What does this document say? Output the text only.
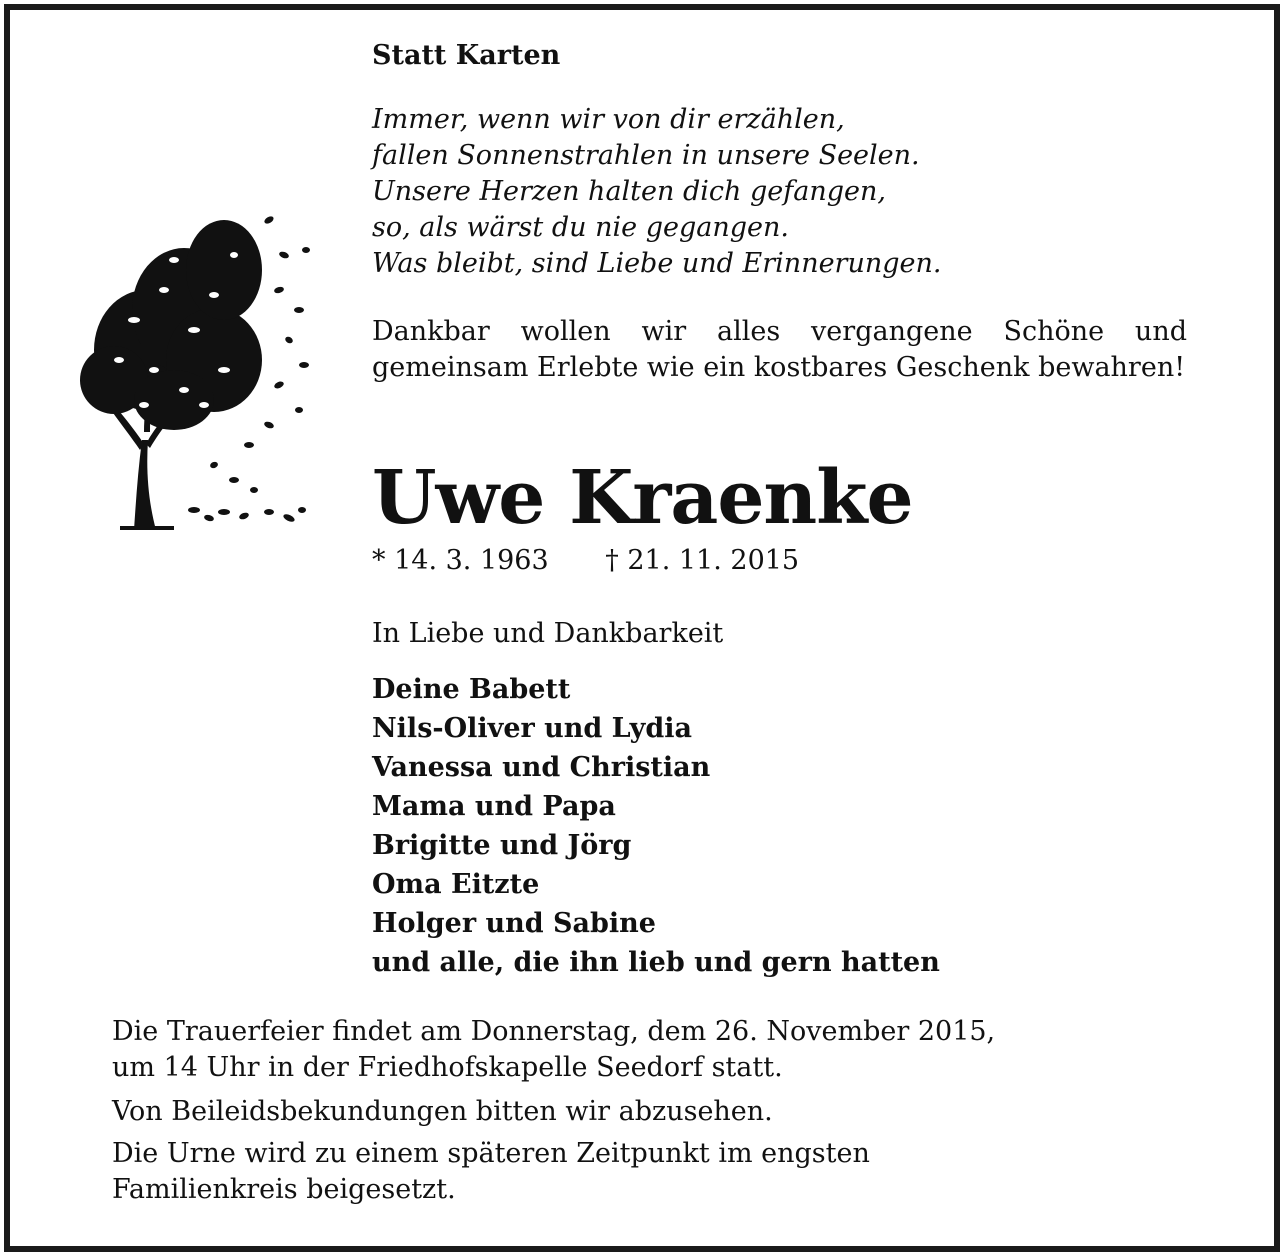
Statt Karten
Immer, wenn wir von dir erzählen,
fallen Sonnenstrahlen in unsere Seelen.
Unsere Herzen halten dich gefangen,
so, als wärst du nie gegangen.
Was bleibt, sind Liebe und Erinnerungen.
Dankbar wollen wir alles vergangene Schöne und gemeinsam Erlebte wie ein kostbares Geschenk bewahren!
Uwe Kraenke
* 14. 3. 1963 † 21. 11. 2015
In Liebe und Dankbarkeit
Deine Babett
Nils-Oliver und Lydia
Vanessa und Christian
Mama und Papa
Brigitte und Jörg
Oma Eitzte
Holger und Sabine
und alle, die ihn lieb und gern hatten
Die Trauerfeier findet am Donnerstag, dem 26. November 2015,
um 14 Uhr in der Friedhofskapelle Seedorf statt.
Von Beileidsbekundungen bitten wir abzusehen.
Die Urne wird zu einem späteren Zeitpunkt im engsten
Familienkreis beigesetzt.
